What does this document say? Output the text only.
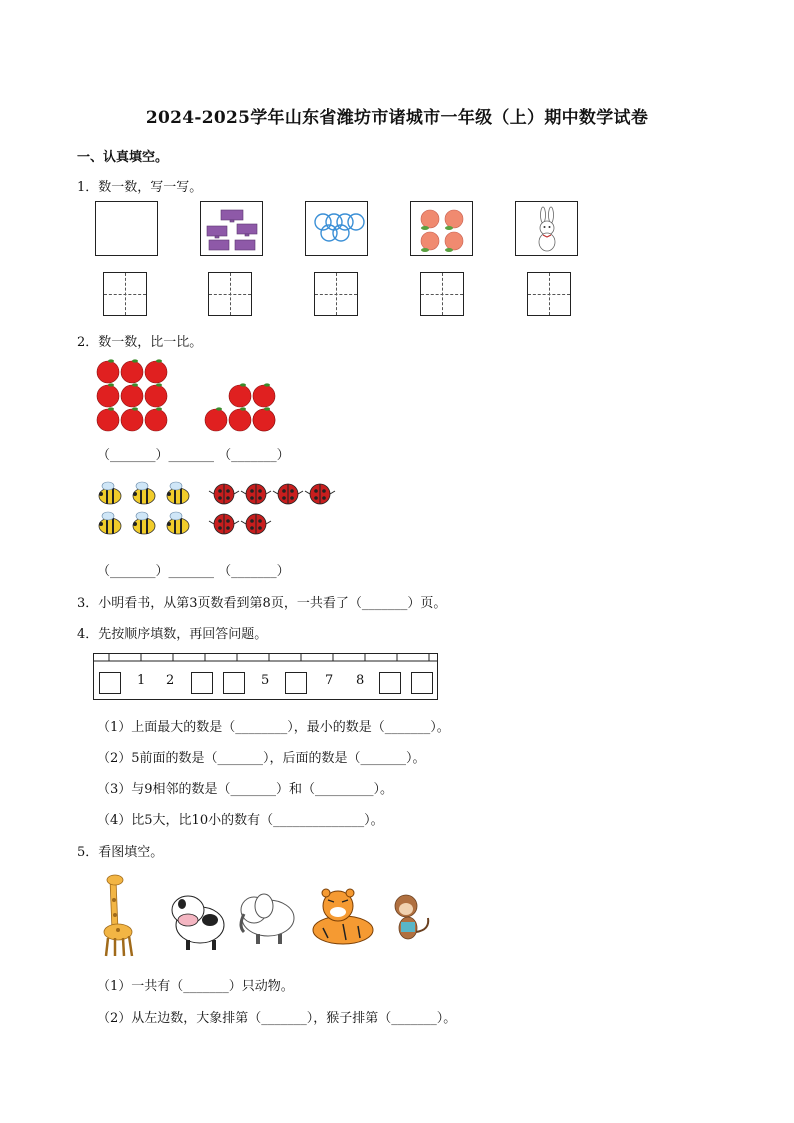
2024-2025学年山东省潍坊市诸城市一年级（上）期中数学试卷
一、认真填空。
1．数一数，写一写。
2．数一数，比一比。
（_______）_______ （_______）
（_______）_______ （_______）
3．小明看书，从第3页数看到第8页，一共看了（_______）页。
4．先按顺序填数，再回答问题。
1 2	5	7 8
（1）上面最大的数是（________），最小的数是（_______）。
（2）5前面的数是（_______），后面的数是（_______）。
（3）与9相邻的数是（_______）和（_________）。
（4）比5大，比10小的数有（______________）。
5．看图填空。
（1）一共有（_______）只动物。
（2）从左边数，大象排第（_______），猴子排第（_______）。
